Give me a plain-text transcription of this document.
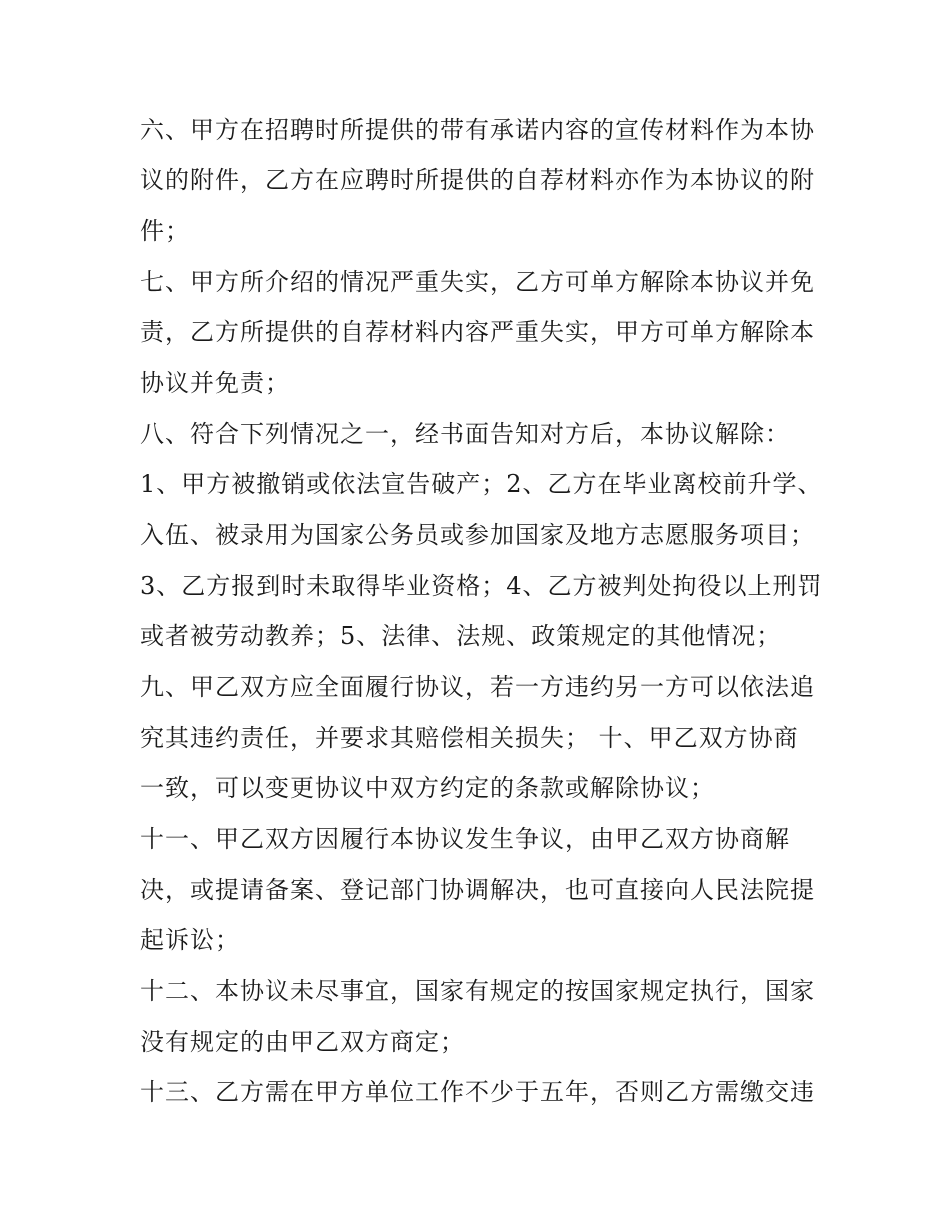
六、甲方在招聘时所提供的带有承诺内容的宣传材料作为本协
议的附件，乙方在应聘时所提供的自荐材料亦作为本协议的附
件；
七、甲方所介绍的情况严重失实，乙方可单方解除本协议并免
责，乙方所提供的自荐材料内容严重失实，甲方可单方解除本
协议并免责；
八、符合下列情况之一，经书面告知对方后，本协议解除：
1、甲方被撤销或依法宣告破产；2、乙方在毕业离校前升学、
入伍、被录用为国家公务员或参加国家及地方志愿服务项目；
3、乙方报到时未取得毕业资格；4、乙方被判处拘役以上刑罚
或者被劳动教养；5、法律、法规、政策规定的其他情况；
九、甲乙双方应全面履行协议，若一方违约另一方可以依法追
究其违约责任，并要求其赔偿相关损失； 十、甲乙双方协商
一致，可以变更协议中双方约定的条款或解除协议；
十一、甲乙双方因履行本协议发生争议，由甲乙双方协商解
决，或提请备案、登记部门协调解决，也可直接向人民法院提
起诉讼；
十二、本协议未尽事宜，国家有规定的按国家规定执行，国家
没有规定的由甲乙双方商定；
十三、乙方需在甲方单位工作不少于五年，否则乙方需缴交违
